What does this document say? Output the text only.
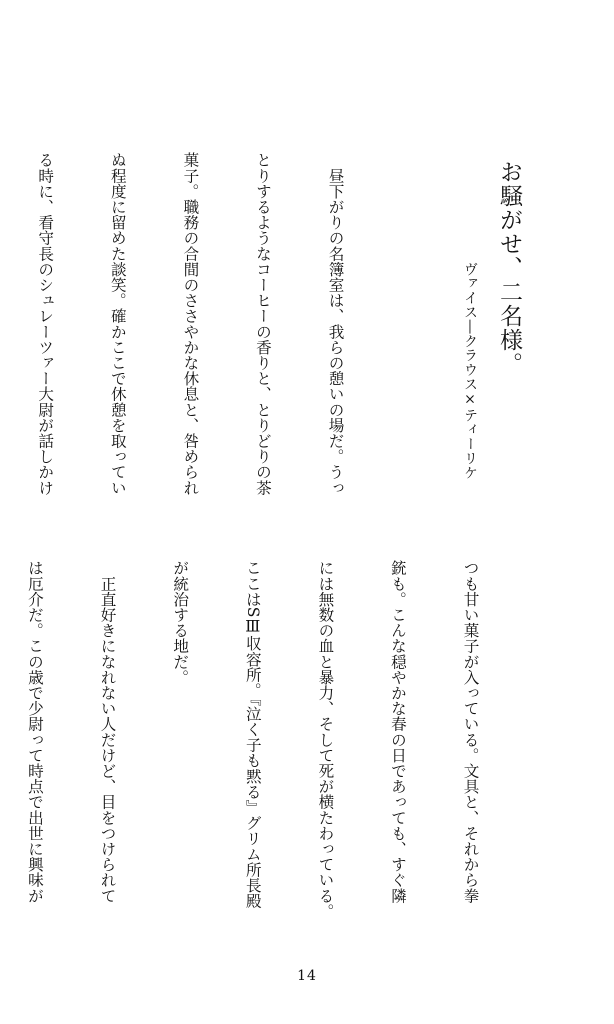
お騒がせ、二名様。
ヴァイス―クラウス×ティーリケ

　昼下がりの名簿室は、我らの憩いの場だ。うっ

とりするようなコーヒーの香りと、とりどりの茶

菓子。職務の合間のささやかな休息と、咎められ

ぬ程度に留めた談笑。確かここで休憩を取ってい

る時に、看守長のシュレーツァー大尉が話しかけ

つも甘い菓子が入っている。文具と、それから拳

銃も。こんな穏やかな春の日であっても、すぐ隣

には無数の血と暴力、そして死が横たわっている。

ここはSⅢ収容所。『泣く子も黙る』グリム所長殿

が統治する地だ。

　正直好きになれない人だけど、目をつけられて

は厄介だ。この歳で少尉って時点で出世に興味が

14
